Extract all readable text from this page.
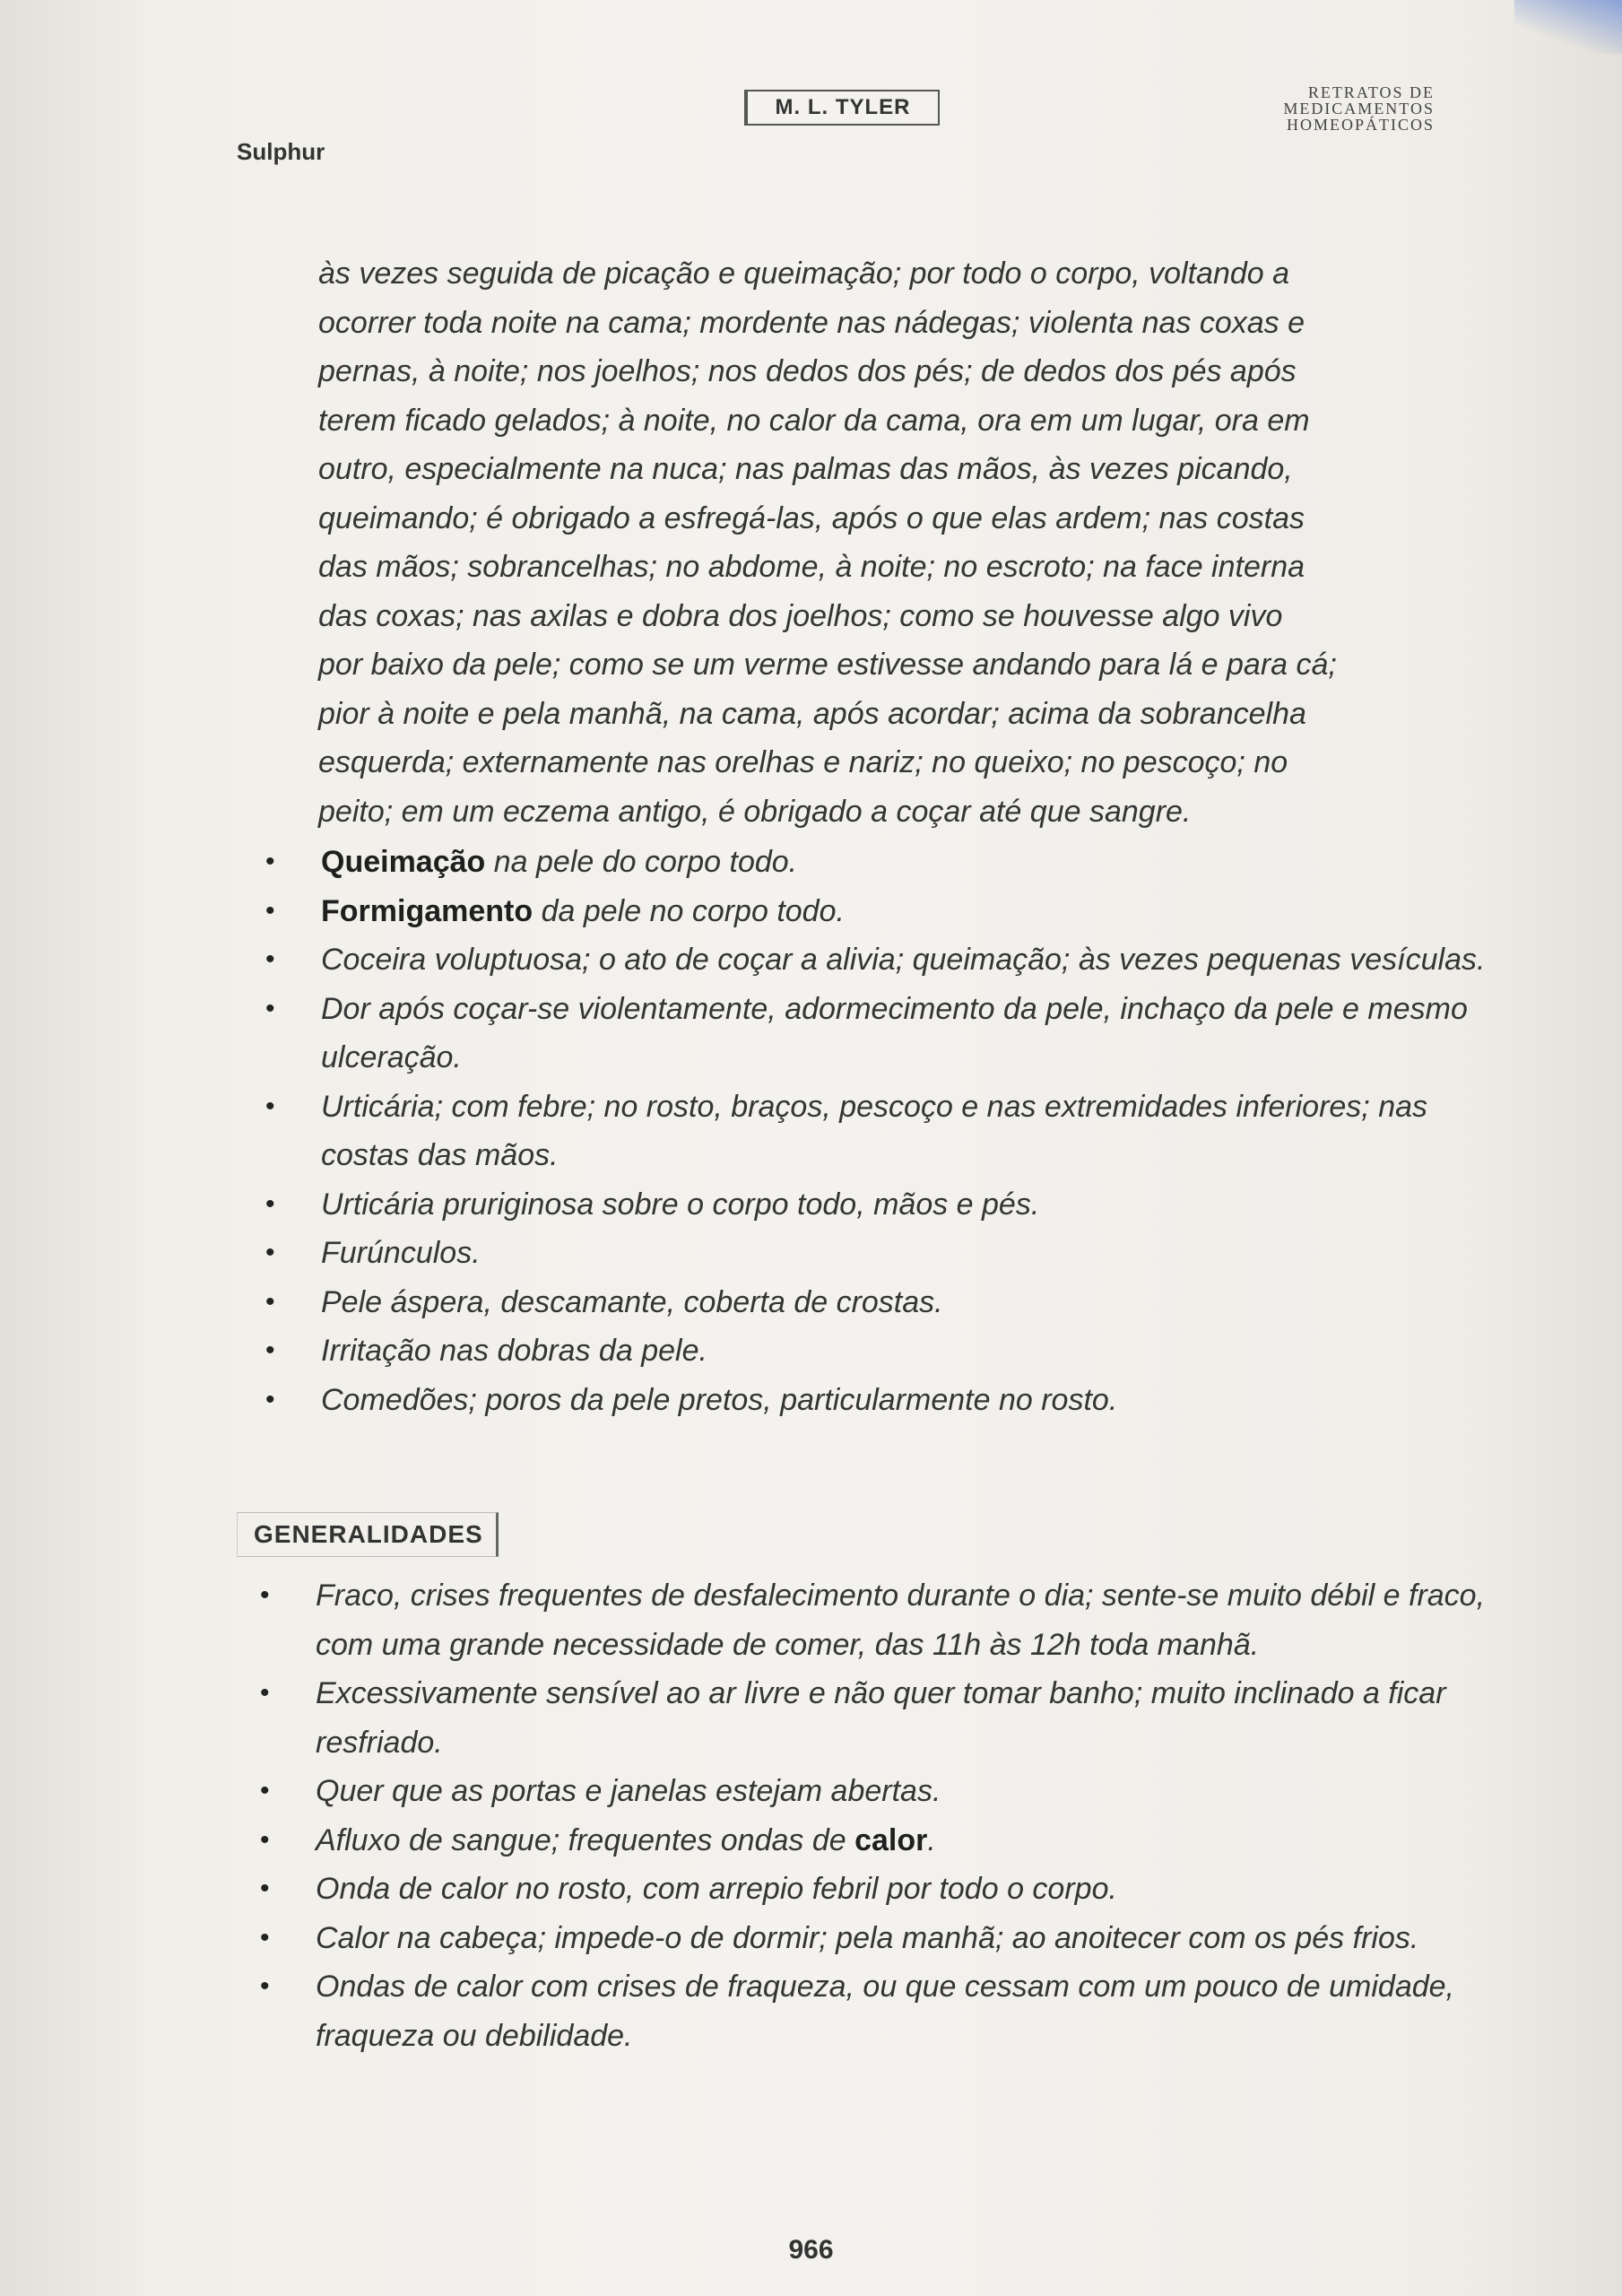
M. L. TYLER
Sulphur
RETRATOS DE MEDICAMENTOS HOMEOPÁTICOS

às vezes seguida de picação e queimação; por todo o corpo, voltando a

ocorrer toda noite na cama; mordente nas nádegas; violenta nas coxas e

pernas, à noite; nos joelhos; nos dedos dos pés; de dedos dos pés após

terem ficado gelados; à noite, no calor da cama, ora em um lugar, ora em

outro, especialmente na nuca; nas palmas das mãos, às vezes picando,

queimando; é obrigado a esfregá-las, após o que elas ardem; nas costas

das mãos; sobrancelhas; no abdome, à noite; no escroto; na face interna

das coxas; nas axilas e dobra dos joelhos; como se houvesse algo vivo

por baixo da pele; como se um verme estivesse andando para lá e para cá;

pior à noite e pela manhã, na cama, após acordar; acima da sobrancelha

esquerda; externamente nas orelhas e nariz; no queixo; no pescoço; no

peito; em um eczema antigo, é obrigado a coçar até que sangre.

• Queimação na pele do corpo todo.
• Formigamento da pele no corpo todo.
• Coceira voluptuosa; o ato de coçar a alivia; queimação; às vezes pequenas vesículas.
• Dor após coçar-se violentamente, adormecimento da pele, inchaço da pele e mesmo ulceração.
• Urticária; com febre; no rosto, braços, pescoço e nas extremidades inferiores; nas costas das mãos.
• Urticária pruriginosa sobre o corpo todo, mãos e pés.
• Furúnculos.
• Pele áspera, descamante, coberta de crostas.
• Irritação nas dobras da pele.
• Comedões; poros da pele pretos, particularmente no rosto.
GENERALIDADES
• Fraco, crises frequentes de desfalecimento durante o dia; sente-se muito débil e fraco, com uma grande necessidade de comer, das 11h às 12h toda manhã.
• Excessivamente sensível ao ar livre e não quer tomar banho; muito inclinado a ficar resfriado.
• Quer que as portas e janelas estejam abertas.
• Afluxo de sangue; frequentes ondas de calor.
• Onda de calor no rosto, com arrepio febril por todo o corpo.
• Calor na cabeça; impede-o de dormir; pela manhã; ao anoitecer com os pés frios.
• Ondas de calor com crises de fraqueza, ou que cessam com um pouco de umidade, fraqueza ou debilidade.
966
